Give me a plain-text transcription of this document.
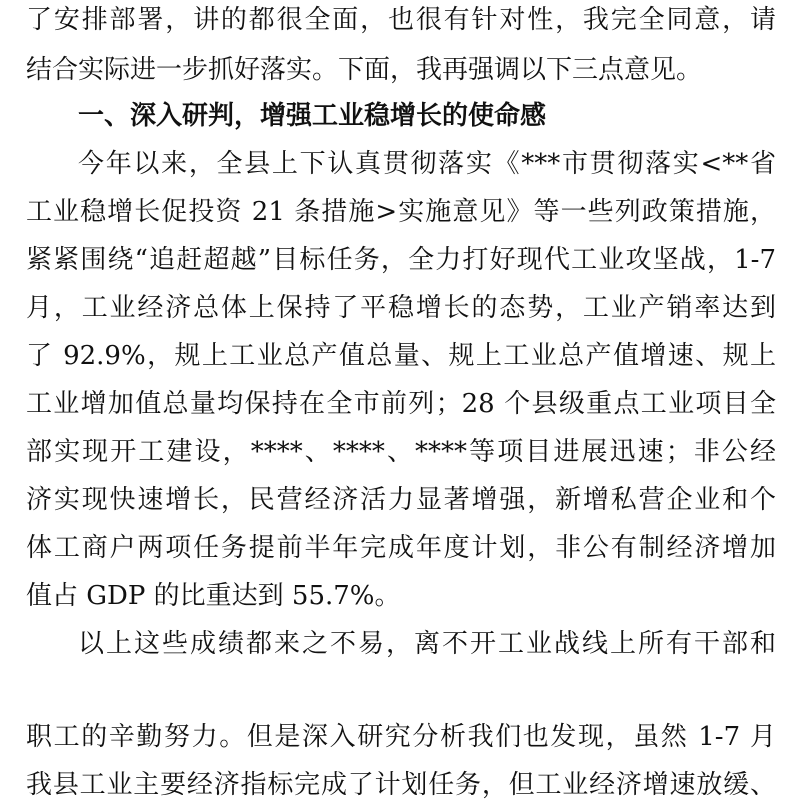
了安排部署，讲的都很全面，也很有针对性，我完全同意，请
结合实际进一步抓好落实。下面，我再强调以下三点意见。
一、深入研判，增强工业稳增长的使命感
今年以来，全县上下认真贯彻落实《***市贯彻落实<**省
工业稳增长促投资 21 条措施>实施意见》等一些列政策措施，
紧紧围绕“追赶超越”目标任务，全力打好现代工业攻坚战，1-7
月，工业经济总体上保持了平稳增长的态势，工业产销率达到
了 92.9%，规上工业总产值总量、规上工业总产值增速、规上
工业增加值总量均保持在全市前列；28 个县级重点工业项目全
部实现开工建设，****、****、****等项目进展迅速；非公经
济实现快速增长，民营经济活力显著增强，新增私营企业和个
体工商户两项任务提前半年完成年度计划，非公有制经济增加
值占 GDP 的比重达到 55.7%。
以上这些成绩都来之不易，离不开工业战线上所有干部和
职工的辛勤努力。但是深入研究分析我们也发现，虽然 1-7 月
我县工业主要经济指标完成了计划任务，但工业经济增速放缓、
